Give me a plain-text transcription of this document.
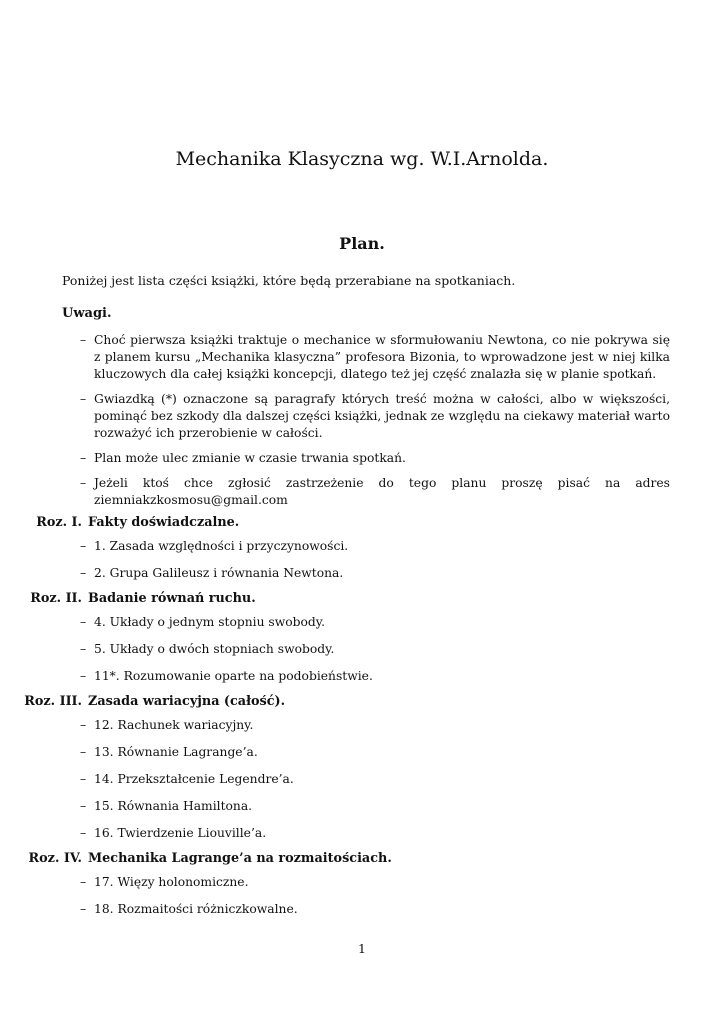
Mechanika Klasyczna wg. W.I.Arnolda.
Plan.

Poniżej jest lista części książki, które będą przerabiane na spotkaniach.

Uwagi.
– Choć pierwsza książki traktuje o mechanice w sformułowaniu Newtona, co nie pokrywa się z planem kursu „Mechanika klasyczna” profesora Bizonia, to wprowadzone jest w niej kilka kluczowych dla całej książki koncepcji, dlatego też jej część znalazła się w planie spotkań.
– Gwiazdką (*) oznaczone są paragrafy których treść można w całości, albo w większości, pominąć bez szkody dla dalszej części książki, jednak ze względu na ciekawy materiał warto rozważyć ich przerobienie w całości.
– Plan może ulec zmianie w czasie trwania spotkań.
– Jeżeli ktoś chce zgłosić zastrzeżenie do tego planu proszę pisać na adres ziemniakzkosmosu@gmail.com
Roz. I. Fakty doświadczalne.
– 1. Zasada względności i przyczynowości.
– 2. Grupa Galileusz i równania Newtona.
Roz. II. Badanie równań ruchu.
– 4. Układy o jednym stopniu swobody.
– 5. Układy o dwóch stopniach swobody.
– 11*. Rozumowanie oparte na podobieństwie.
Roz. III. Zasada wariacyjna (całość).
– 12. Rachunek wariacyjny.
– 13. Równanie Lagrange’a.
– 14. Przekształcenie Legendre’a.
– 15. Równania Hamiltona.
– 16. Twierdzenie Liouville’a.
Roz. IV. Mechanika Lagrange’a na rozmaitościach.
– 17. Więzy holonomiczne.
– 18. Rozmaitości różniczkowalne.

1
